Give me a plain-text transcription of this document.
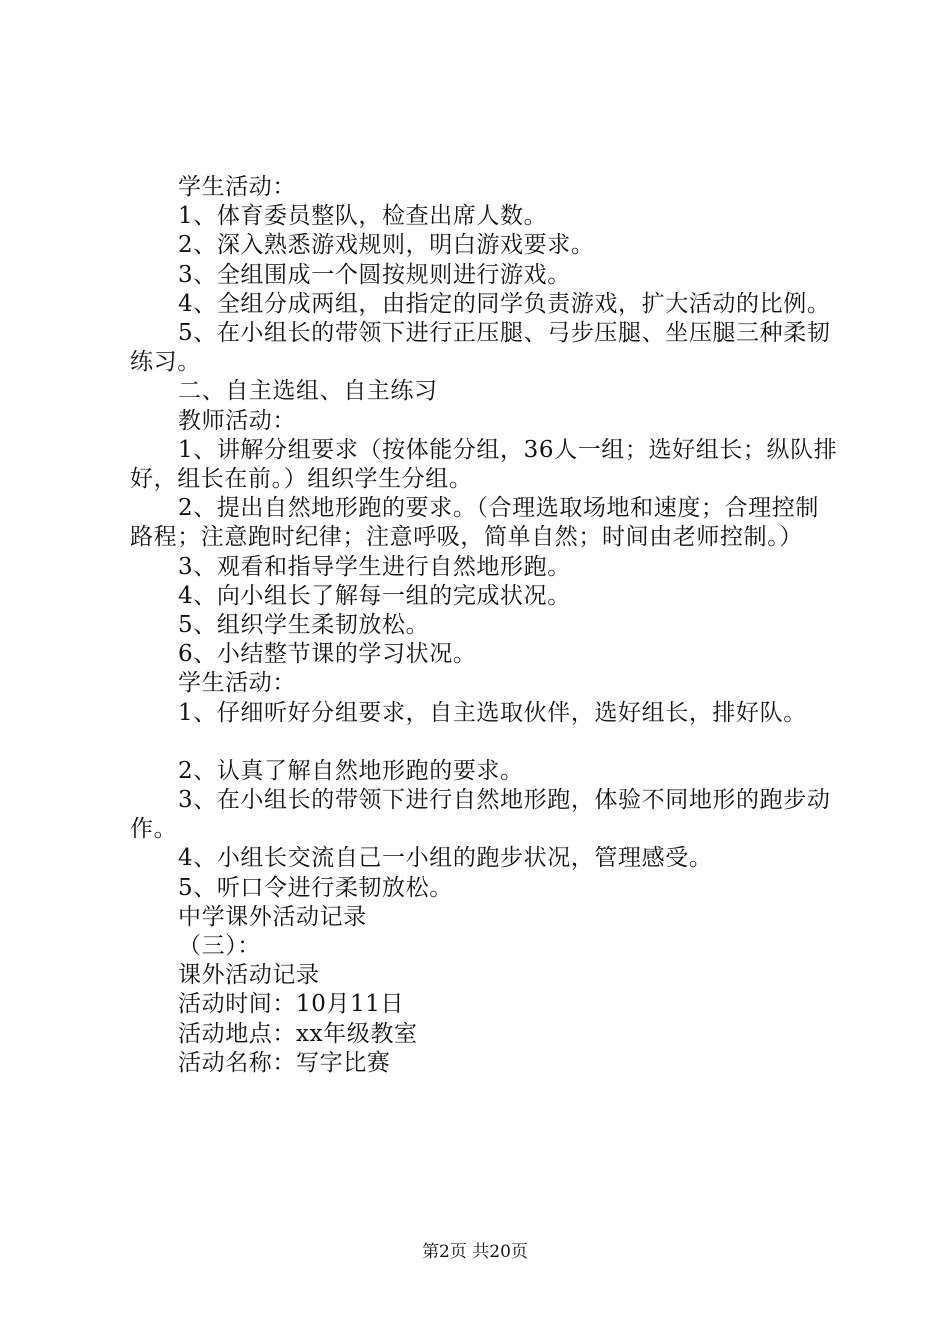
学生活动：

1、体育委员整队，检查出席人数。

2、深入熟悉游戏规则，明白游戏要求。

3、全组围成一个圆按规则进行游戏。

4、全组分成两组，由指定的同学负责游戏，扩大活动的比例。

5、在小组长的带领下进行正压腿、弓步压腿、坐压腿三种柔韧练习。

二、自主选组、自主练习

教师活动：

1、讲解分组要求（按体能分组，36人一组；选好组长；纵队排好，组长在前。）组织学生分组。

2、提出自然地形跑的要求。（合理选取场地和速度；合理控制路程；注意跑时纪律；注意呼吸，简单自然；时间由老师控制。）

3、观看和指导学生进行自然地形跑。

4、向小组长了解每一组的完成状况。

5、组织学生柔韧放松。

6、小结整节课的学习状况。

学生活动：

1、仔细听好分组要求，自主选取伙伴，选好组长，排好队。

2、认真了解自然地形跑的要求。

3、在小组长的带领下进行自然地形跑，体验不同地形的跑步动作。

4、小组长交流自己一小组的跑步状况，管理感受。

5、听口令进行柔韧放松。

中学课外活动记录

（三）：

课外活动记录

活动时间：10月11日

活动地点：xx年级教室

活动名称：写字比赛

第2页 共20页
